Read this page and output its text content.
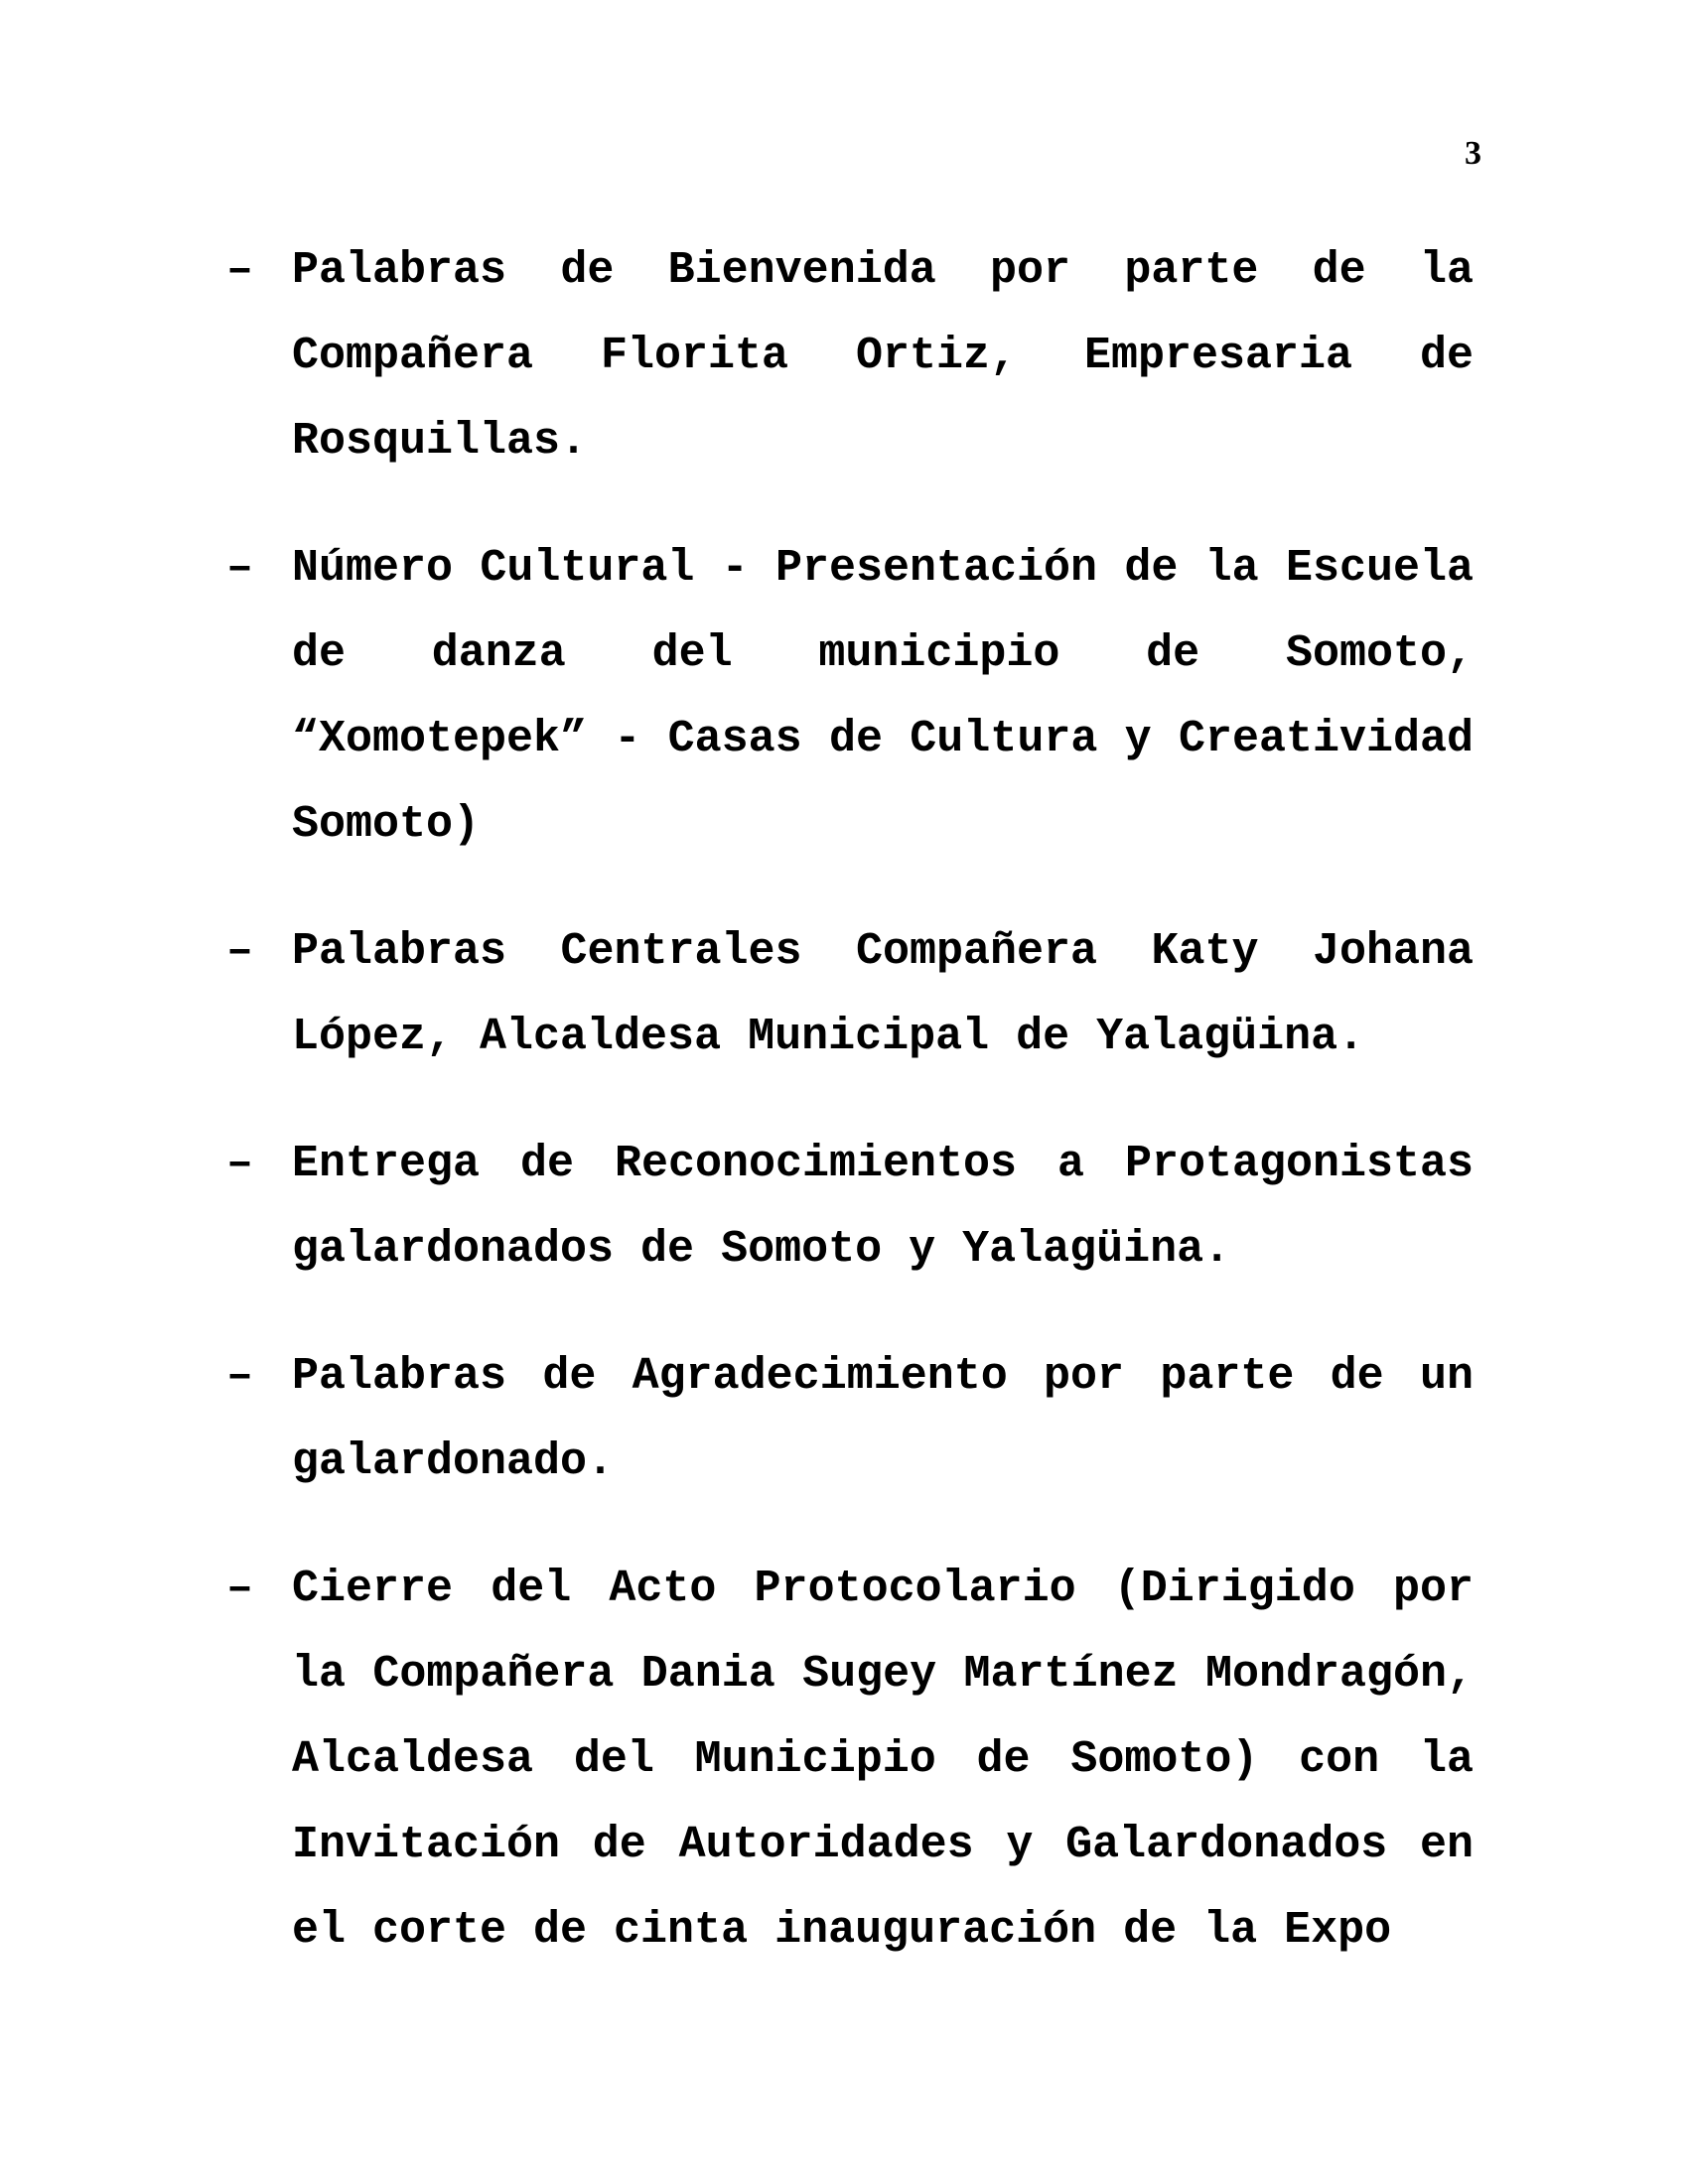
3
– Palabras de Bienvenida por parte de la Compañera Florita Ortiz, Empresaria de Rosquillas.
– Número Cultural - Presentación de la Escuela de danza del municipio de Somoto, “Xomotepek” - Casas de Cultura y Creatividad Somoto)
– Palabras Centrales Compañera Katy Johana López, Alcaldesa Municipal de Yalagüina.
– Entrega de Reconocimientos a Protagonistas galardonados de Somoto y Yalagüina.
– Palabras de Agradecimiento por parte de un galardonado.
– Cierre del Acto Protocolario (Dirigido por la Compañera Dania Sugey Martínez Mondragón, Alcaldesa del Municipio de Somoto) con la Invitación de Autoridades y Galardonados en el corte de cinta inauguración de la Expo
